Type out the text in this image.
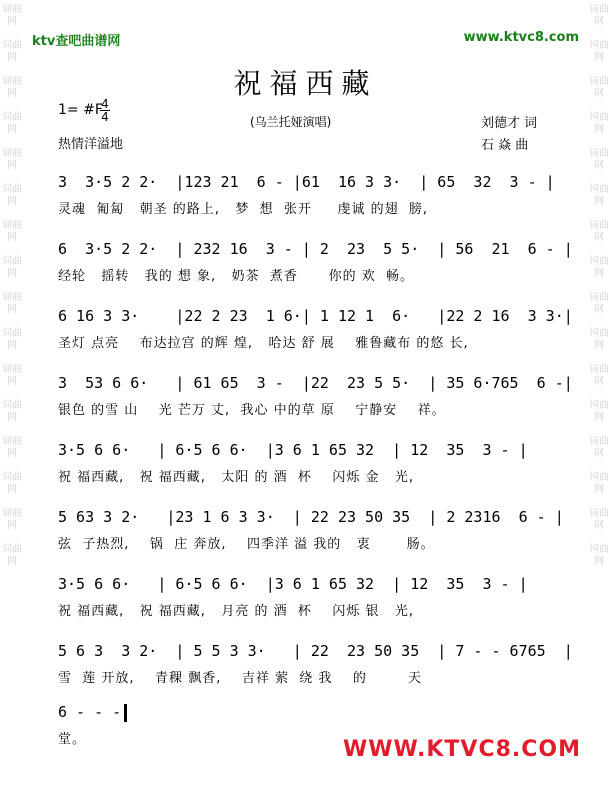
词曲网
词曲网
词曲网
词曲网
词曲网
词曲网
词曲网
词曲网
词曲网
词曲网
词曲网
词曲网
词曲网
词曲网
词曲网
词曲网
词曲网
词曲网
词曲网
词曲网
词曲网
词曲网
词曲网
词曲网
词曲网
词曲网
词曲网
词曲网
词曲网
词曲网
词曲网
词曲网
ktv查吧曲谱网	www.ktvc8.com
祝福西藏
1= #F
4
4
热情洋溢地
(乌兰托娅演唱)	刘德才 词
石 焱 曲
3  3·5 2 2·  |123 21  6 - |61  16 3 3·  | 65  32  3 - |
灵魂  匍匐   朝圣 的路上,   梦  想  张开     虔诚 的翅  膀,
6  3·5 2 2·  | 232 16  3 - | 2  23  5 5·  | 56  21  6 - |
经轮   摇转   我的 想 象,   奶茶  煮香      你的 欢  畅。
6 16 3 3·    |22 2 23  1 6·| 1 12 1  6·   |22 2 16  3 3·|
圣灯 点亮    布达拉宫 的辉 煌,   哈达 舒 展    雅鲁藏布 的悠 长,
3  53 6 6·   | 61 65  3 -  |22  23 5 5·  | 35 6·765  6 -|
银色 的雪 山    光 芒万 丈,  我心 中的草 原    宁静安    祥。
3·5 6 6·   | 6·5 6 6·  |3 6 1 65 32  | 12  35  3 - |
祝 福西藏,   祝 福西藏,   太阳 的 酒  杯    闪烁 金   光,
5 63 3 2·   |23 1 6 3 3·  | 22 23 50 35  | 2 2316  6 - |
弦  子热烈,    锅  庄 奔放,    四季洋 溢 我的   衷       肠。
3·5 6 6·   | 6·5 6 6·  |3 6 1 65 32  | 12  35  3 - |
祝 福西藏,   祝 福西藏,   月亮 的 酒  杯    闪烁 银   光,
5 6 3  3 2·  | 5 5 3 3·   | 22  23 50 35  | 7 - - 6765  |
雪  莲 开放,    青稞 飘香,    吉祥 萦  绕 我    的        天
6 - - -
堂。	WWW.KTVC8.COM
